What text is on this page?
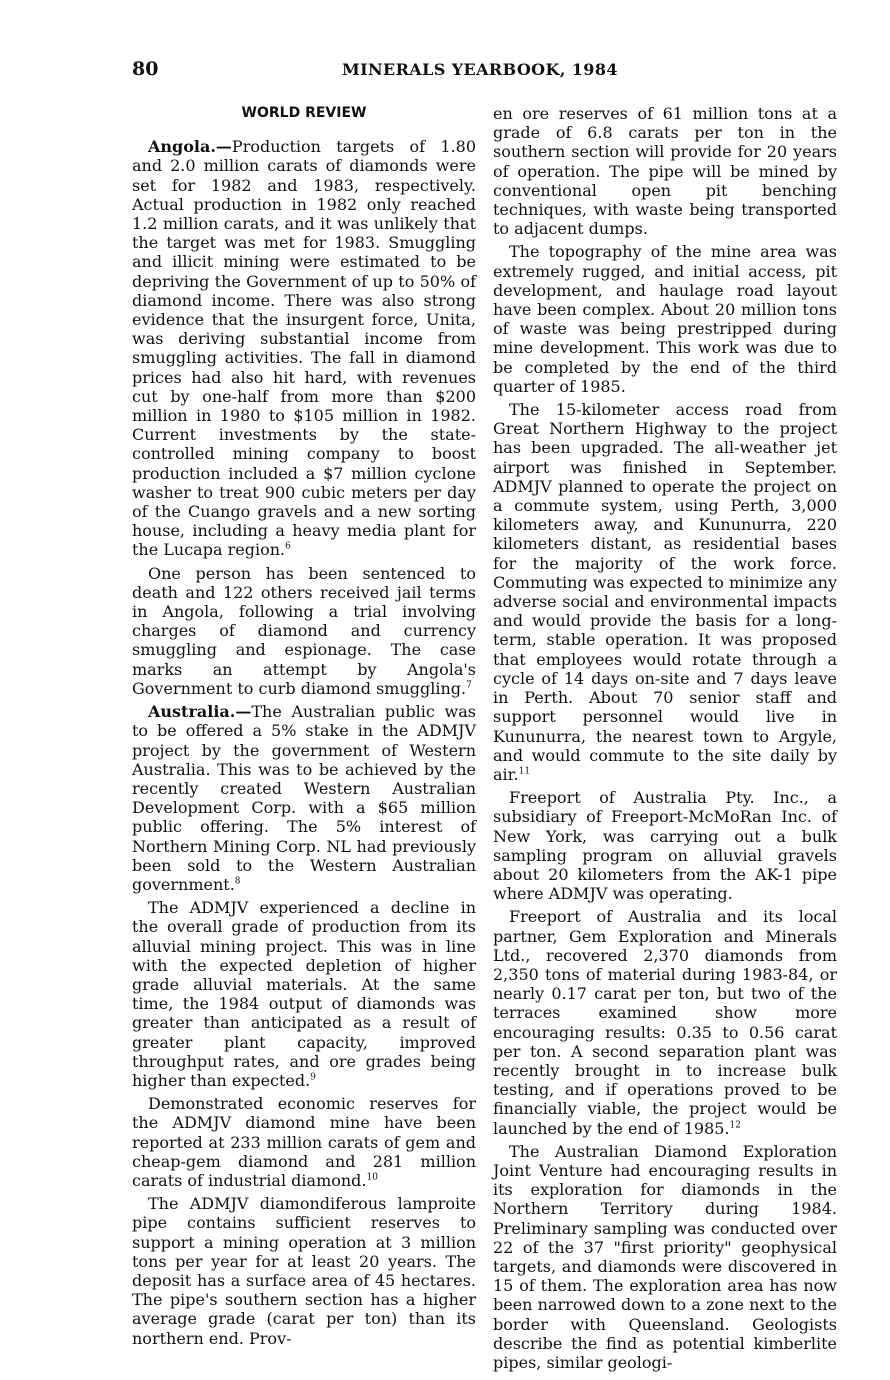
80	MINERALS YEARBOOK, 1984
WORLD REVIEW

Angola.—Production targets of 1.80 and 2.0 million carats of diamonds were set for 1982 and 1983, respectively. Actual production in 1982 only reached 1.2 million carats, and it was unlikely that the target was met for 1983. Smuggling and illicit mining were estimated to be depriving the Government of up to 50% of diamond income. There was also strong evidence that the insurgent force, Unita, was deriving substantial income from smuggling activities. The fall in diamond prices had also hit hard, with revenues cut by one-half from more than $200 million in 1980 to $105 million in 1982. Current investments by the state-controlled mining company to boost production included a $7 million cyclone washer to treat 900 cubic meters per day of the Cuango gravels and a new sorting house, including a heavy media plant for the Lucapa region.$^6$

One person has been sentenced to death and 122 others received jail terms in Angola, following a trial involving charges of diamond and currency smuggling and espionage. The case marks an attempt by Angola's Government to curb diamond smuggling.$^7$

Australia.—The Australian public was to be offered a 5% stake in the ADMJV project by the government of Western Australia. This was to be achieved by the recently created Western Australian Development Corp. with a $65 million public offering. The 5% interest of Northern Mining Corp. NL had previously been sold to the Western Australian government.$^8$

The ADMJV experienced a decline in the overall grade of production from its alluvial mining project. This was in line with the expected depletion of higher grade alluvial materials. At the same time, the 1984 output of diamonds was greater than anticipated as a result of greater plant capacity, improved throughput rates, and ore grades being higher than expected.$^9$

Demonstrated economic reserves for the ADMJV diamond mine have been reported at 233 million carats of gem and cheap-gem diamond and 281 million carats of industrial diamond.$^{10}$

The ADMJV diamondiferous lamproite pipe contains sufficient reserves to support a mining operation at 3 million tons per year for at least 20 years. The deposit has a surface area of 45 hectares. The pipe's southern section has a higher average grade (carat per ton) than its northern end. Prov-

en ore reserves of 61 million tons at a grade of 6.8 carats per ton in the southern section will provide for 20 years of operation. The pipe will be mined by conventional open pit benching techniques, with waste being transported to adjacent dumps.

The topography of the mine area was extremely rugged, and initial access, pit development, and haulage road layout have been complex. About 20 million tons of waste was being prestripped during mine development. This work was due to be completed by the end of the third quarter of 1985.

The 15-kilometer access road from Great Northern Highway to the project has been upgraded. The all-weather jet airport was finished in September. ADMJV planned to operate the project on a commute system, using Perth, 3,000 kilometers away, and Kununurra, 220 kilometers distant, as residential bases for the majority of the work force. Commuting was expected to minimize any adverse social and environmental impacts and would provide the basis for a long-term, stable operation. It was proposed that employees would rotate through a cycle of 14 days on-site and 7 days leave in Perth. About 70 senior staff and support personnel would live in Kununurra, the nearest town to Argyle, and would commute to the site daily by air.$^{11}$

Freeport of Australia Pty. Inc., a subsidiary of Freeport-McMoRan Inc. of New York, was carrying out a bulk sampling program on alluvial gravels about 20 kilometers from the AK-1 pipe where ADMJV was operating.

Freeport of Australia and its local partner, Gem Exploration and Minerals Ltd., recovered 2,370 diamonds from 2,350 tons of material during 1983-84, or nearly 0.17 carat per ton, but two of the terraces examined show more encouraging results: 0.35 to 0.56 carat per ton. A second separation plant was recently brought in to increase bulk testing, and if operations proved to be financially viable, the project would be launched by the end of 1985.12

The Australian Diamond Exploration Joint Venture had encouraging results in its exploration for diamonds in the Northern Territory during 1984. Preliminary sampling was conducted over 22 of the 37 "first priority" geophysical targets, and diamonds were discovered in 15 of them. The exploration area has now been narrowed down to a zone next to the border with Queensland. Geologists describe the find as potential kimberlite pipes, similar geologi-
